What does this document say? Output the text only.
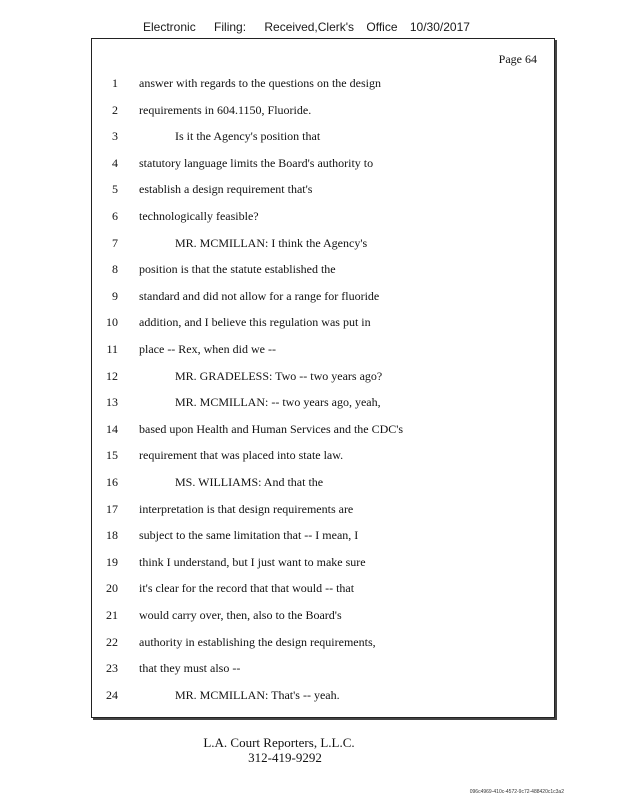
Electronic Filing: Received,Clerk's Office 10/30/2017
Page 64
1 answer with regards to the questions on the design
2 requirements in 604.1150, Fluoride.
3	Is it the Agency's position that
4 statutory language limits the Board's authority to
5 establish a design requirement that's
6 technologically feasible?
7	MR. MCMILLAN: I think the Agency's
8 position is that the statute established the
9 standard and did not allow for a range for fluoride
10 addition, and I believe this regulation was put in
11 place -- Rex, when did we --
12	MR. GRADELESS: Two -- two years ago?
13	MR. MCMILLAN: -- two years ago, yeah,
14 based upon Health and Human Services and the CDC's
15 requirement that was placed into state law.
16	MS. WILLIAMS: And that the
17 interpretation is that design requirements are
18 subject to the same limitation that -- I mean, I
19 think I understand, but I just want to make sure
20 it's clear for the record that that would -- that
21 would carry over, then, also to the Board's
22 authority in establishing the design requirements,
23 that they must also --
24	MR. MCMILLAN: That's -- yeah.
L.A. Court Reporters, L.L.C.
312-419-9292
096c4969-410c-4572-9c72-488420c1c3a2
